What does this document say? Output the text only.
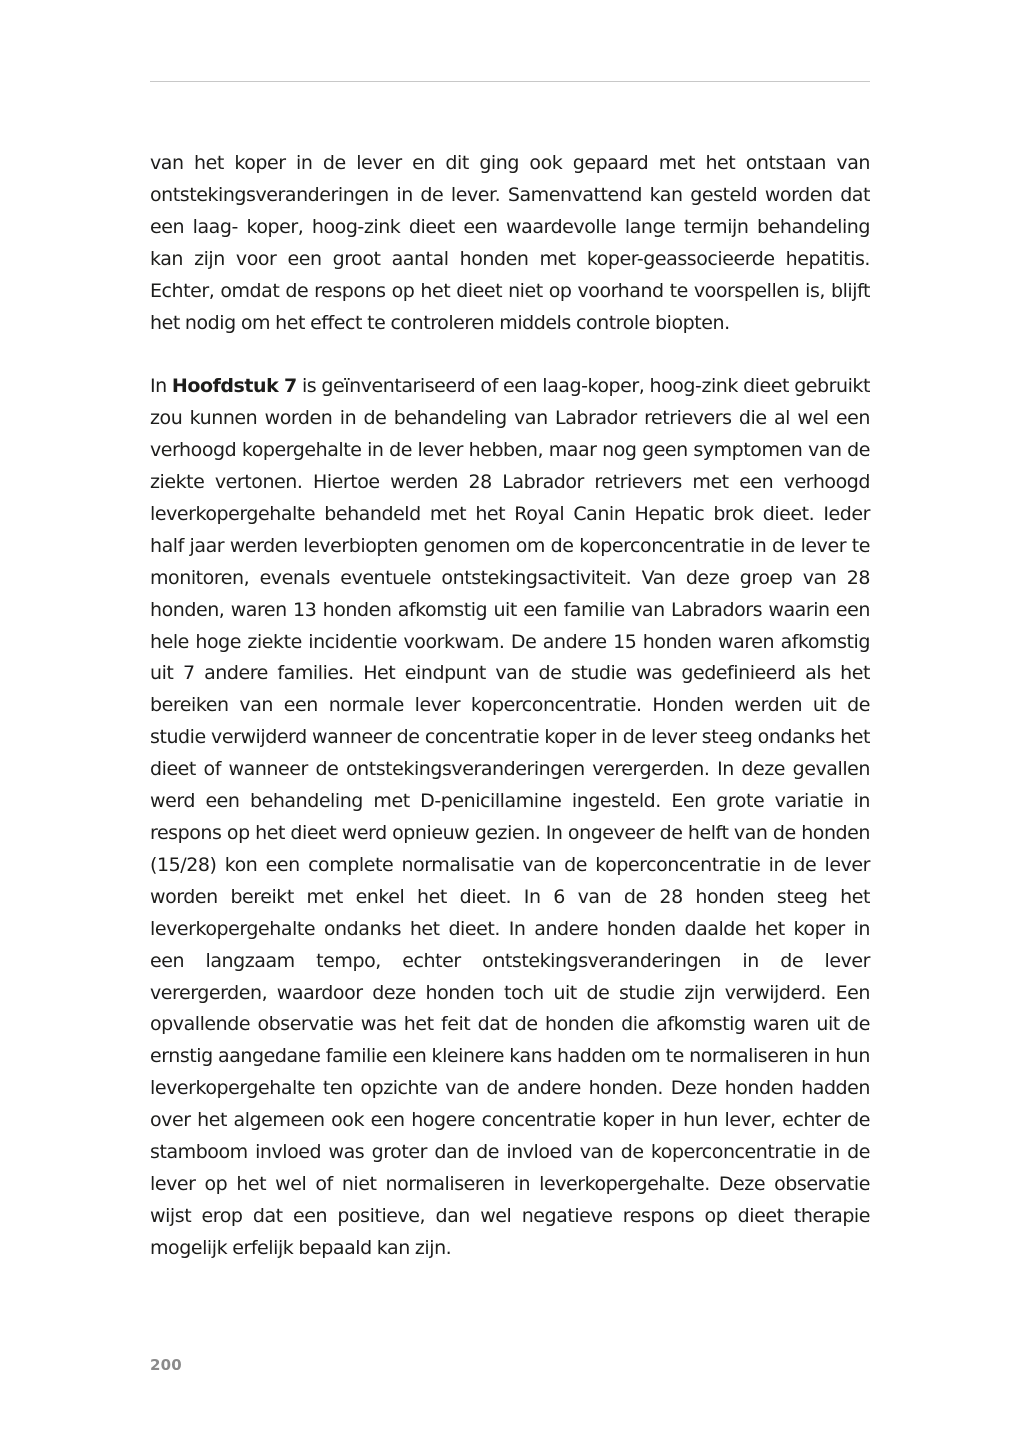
van het koper in de lever en dit ging ook gepaard met het ontstaan van ontstekingsveranderingen in de lever. Samenvattend kan gesteld worden dat een laag- koper, hoog-zink dieet een waardevolle lange termijn behandeling kan zijn voor een groot aantal honden met koper-geassocieerde hepatitis. Echter, omdat de respons op het dieet niet op voorhand te voorspellen is, blijft het nodig om het effect te controleren middels controle biopten.

In Hoofdstuk 7 is geïnventariseerd of een laag-koper, hoog-zink dieet gebruikt zou kunnen worden in de behandeling van Labrador retrievers die al wel een verhoogd kopergehalte in de lever hebben, maar nog geen symptomen van de ziekte vertonen. Hiertoe werden 28 Labrador retrievers met een verhoogd leverkopergehalte behandeld met het Royal Canin Hepatic brok dieet. Ieder half jaar werden leverbiopten genomen om de koperconcentratie in de lever te monitoren, evenals eventuele ontstekingsactiviteit. Van deze groep van 28 honden, waren 13 honden afkomstig uit een familie van Labradors waarin een hele hoge ziekte incidentie voorkwam. De andere 15 honden waren afkomstig uit 7 andere families. Het eindpunt van de studie was gedefinieerd als het bereiken van een normale lever koperconcentratie. Honden werden uit de studie verwijderd wanneer de concentratie koper in de lever steeg ondanks het dieet of wanneer de ontstekingsveranderingen verergerden. In deze gevallen werd een behandeling met D-penicillamine ingesteld. Een grote variatie in respons op het dieet werd opnieuw gezien. In ongeveer de helft van de honden (15/28) kon een complete normalisatie van de koperconcentratie in de lever worden bereikt met enkel het dieet. In 6 van de 28 honden steeg het leverkopergehalte ondanks het dieet. In andere honden daalde het koper in een langzaam tempo, echter ontstekingsveranderingen in de lever verergerden, waardoor deze honden toch uit de studie zijn verwijderd. Een opvallende observatie was het feit dat de honden die afkomstig waren uit de ernstig aangedane familie een kleinere kans hadden om te normaliseren in hun leverkopergehalte ten opzichte van de andere honden. Deze honden hadden over het algemeen ook een hogere concentratie koper in hun lever, echter de stamboom invloed was groter dan de invloed van de koperconcentratie in de lever op het wel of niet normaliseren in leverkopergehalte. Deze observatie wijst erop dat een positieve, dan wel negatieve respons op dieet therapie mogelijk erfelijk bepaald kan zijn.

200
